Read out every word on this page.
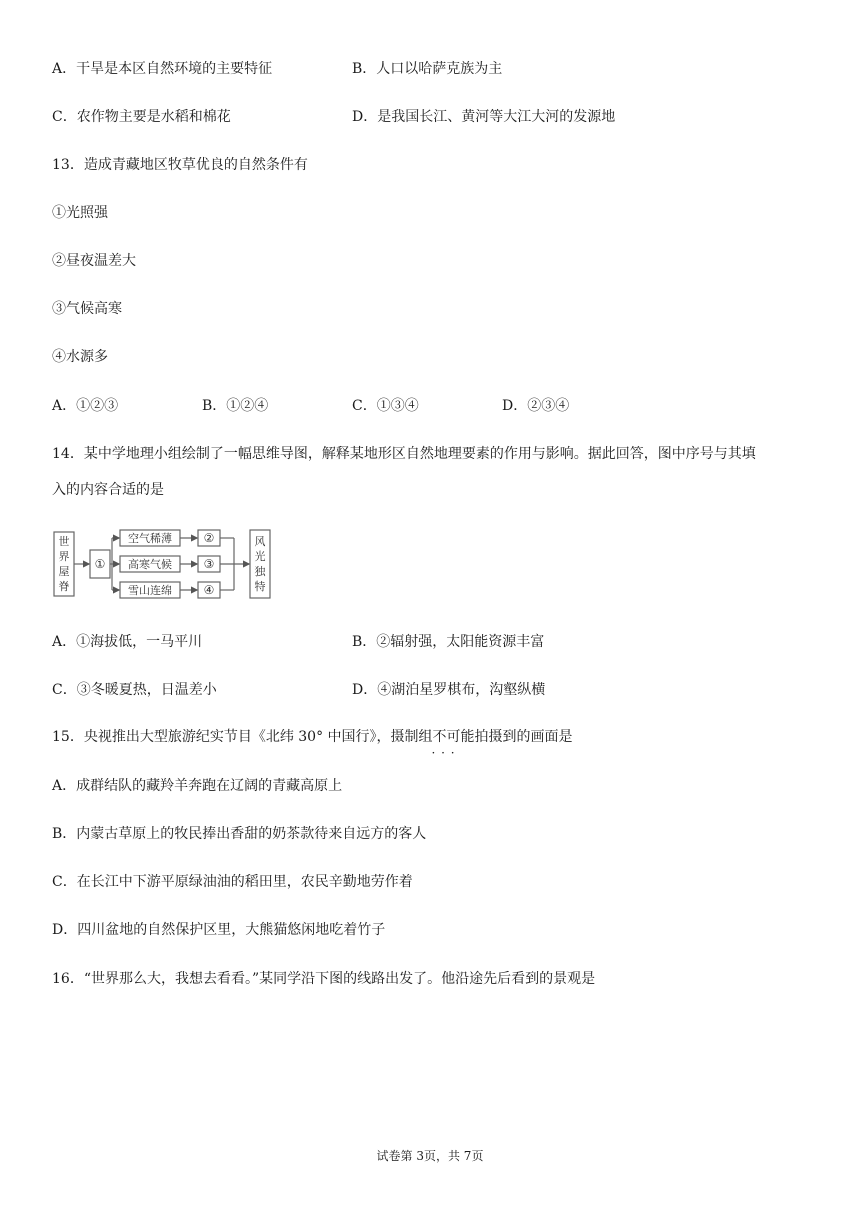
A．干旱是本区自然环境的主要特征	B．人口以哈萨克族为主
C．农作物主要是水稻和棉花	D．是我国长江、黄河等大江大河的发源地
13．造成青藏地区牧草优良的自然条件有
①光照强
②昼夜温差大
③气候高寒
④水源多
A．①②③	B．①②④	C．①③④	D．②③④
14．某中学地理小组绘制了一幅思维导图，解释某地形区自然地理要素的作用与影响。据此回答，图中序号与其填
入的内容合适的是
世
界
屋
脊
①
空气稀薄
高寒气候
雪山连绵
②
③
④
风
光
独
特
A．①海拔低，一马平川	B．②辐射强，太阳能资源丰富
C．③冬暖夏热，日温差小	D．④湖泊星罗棋布，沟壑纵横
15．央视推出大型旅游纪实节目《北纬 30° 中国行》，摄制组不可能 · · ·拍摄到的画面是
A．成群结队的藏羚羊奔跑在辽阔的青藏高原上
B．内蒙古草原上的牧民捧出香甜的奶茶款待来自远方的客人
C．在长江中下游平原绿油油的稻田里，农民辛勤地劳作着
D．四川盆地的自然保护区里，大熊猫悠闲地吃着竹子
16．“世界那么大，我想去看看。”某同学沿下图的线路出发了。他沿途先后看到的景观是
试卷第 3页，共 7页
